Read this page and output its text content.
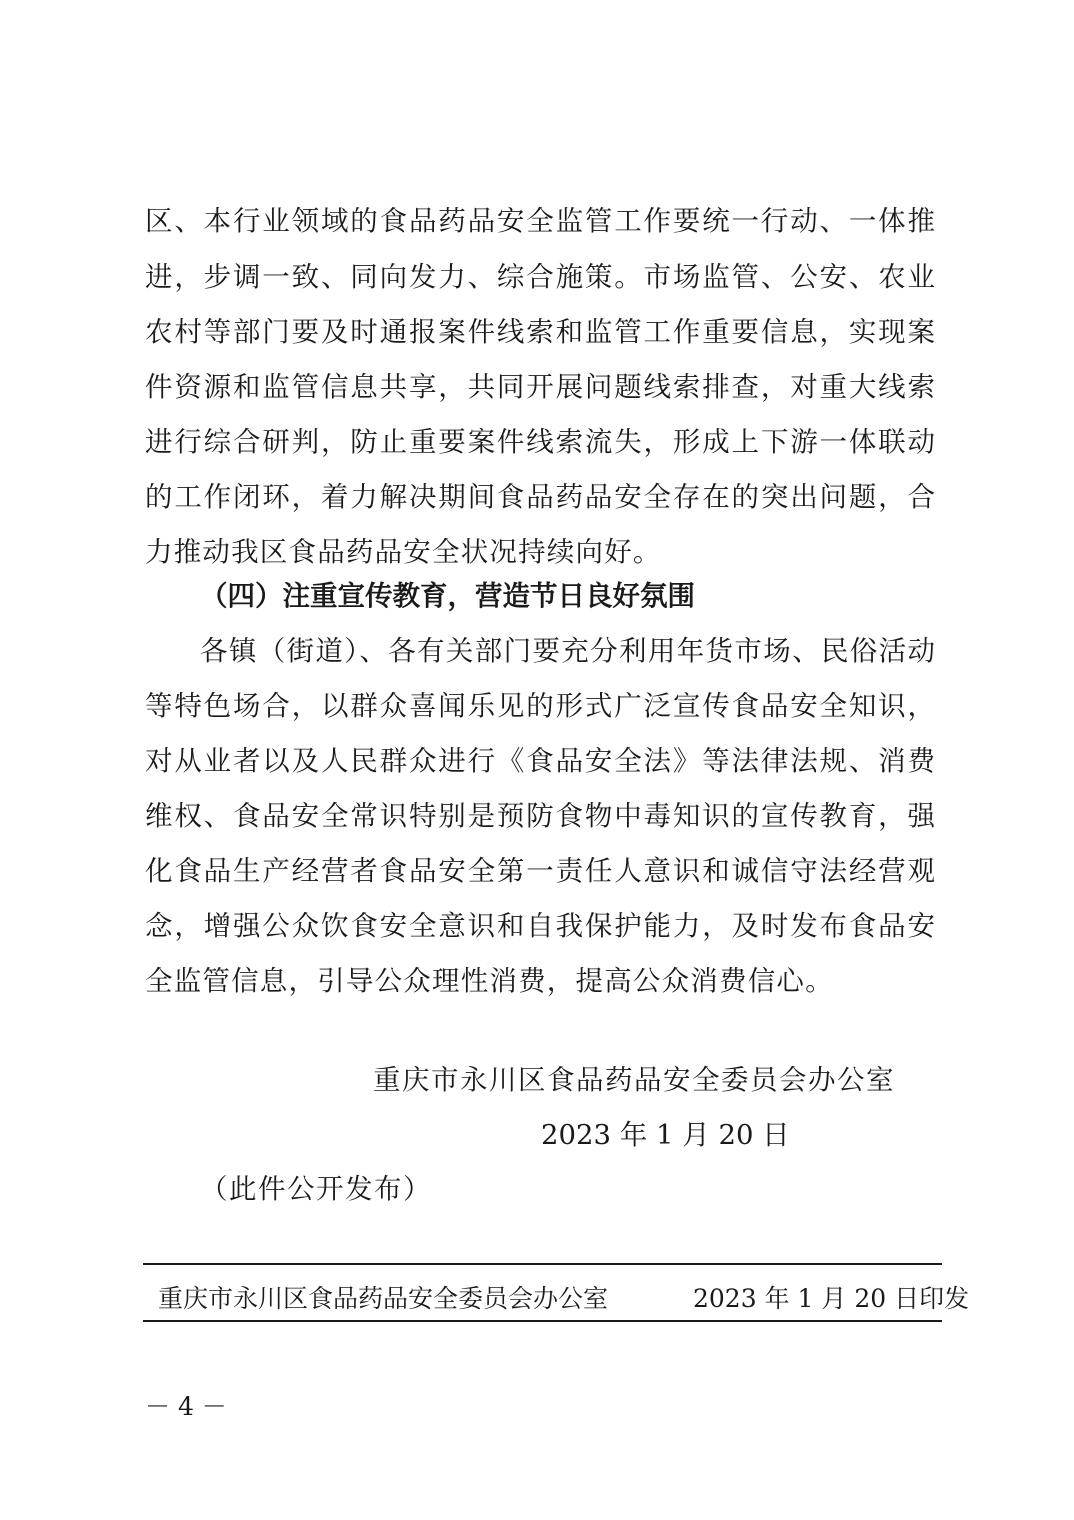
区、本行业领域的食品药品安全监管工作要统一行动、一体推
进，步调一致、同向发力、综合施策。市场监管、公安、农业
农村等部门要及时通报案件线索和监管工作重要信息，实现案
件资源和监管信息共享，共同开展问题线索排查，对重大线索
进行综合研判，防止重要案件线索流失，形成上下游一体联动
的工作闭环，着力解决期间食品药品安全存在的突出问题，合
力推动我区食品药品安全状况持续向好。
（四）注重宣传教育，营造节日良好氛围
各镇（街道）、各有关部门要充分利用年货市场、民俗活动
等特色场合，以群众喜闻乐见的形式广泛宣传食品安全知识，
对从业者以及人民群众进行《食品安全法》等法律法规、消费
维权、食品安全常识特别是预防食物中毒知识的宣传教育，强
化食品生产经营者食品安全第一责任人意识和诚信守法经营观
念，增强公众饮食安全意识和自我保护能力，及时发布食品安
全监管信息，引导公众理性消费，提高公众消费信心。
重庆市永川区食品药品安全委员会办公室
2023 年 1 月 20 日
（此件公开发布）
重庆市永川区食品药品安全委员会办公室	2023 年 1 月 20 日印发
－ 4 －
